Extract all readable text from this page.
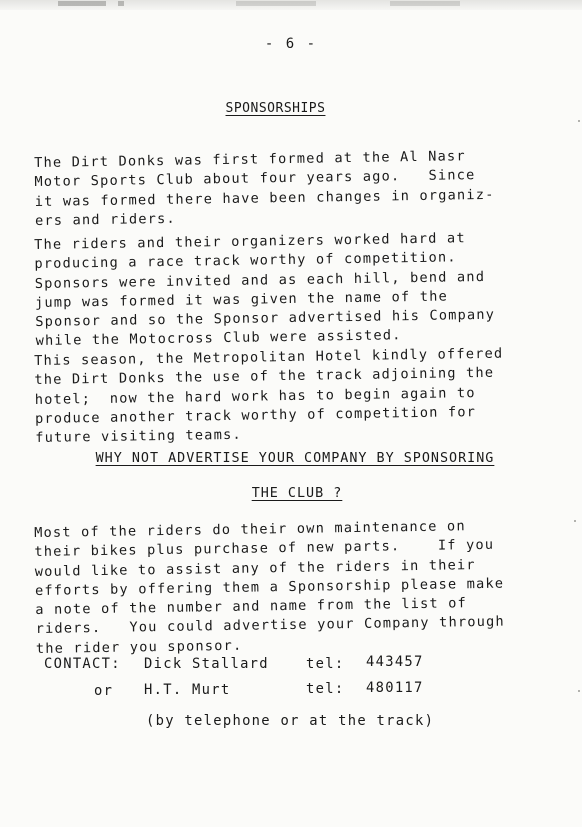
- 6 -
SPONSORSHIPS

The Dirt Donks was first formed at the Al Nasr
Motor Sports Club about four years ago.   Since
it was formed there have been changes in organiz-
ers and riders.

The riders and their organizers worked hard at
producing a race track worthy of competition.
Sponsors were invited and as each hill, bend and
jump was formed it was given the name of the
Sponsor and so the Sponsor advertised his Company
while the Motocross Club were assisted.

This season, the Metropolitan Hotel kindly offered
the Dirt Donks the use of the track adjoining the
hotel;  now the hard work has to begin again to
produce another track worthy of competition for
future visiting teams.

WHY NOT ADVERTISE YOUR COMPANY BY SPONSORING
THE CLUB ?

Most of the riders do their own maintenance on
their bikes plus purchase of new parts.    If you
would like to assist any of the riders in their
efforts by offering them a Sponsorship please make
a note of the number and name from the list of
riders.   You could advertise your Company through
the rider you sponsor.

CONTACT: Dick Stallard	tel: 443457
or H.T. Murt	tel: 480117
(by telephone or at the track)
